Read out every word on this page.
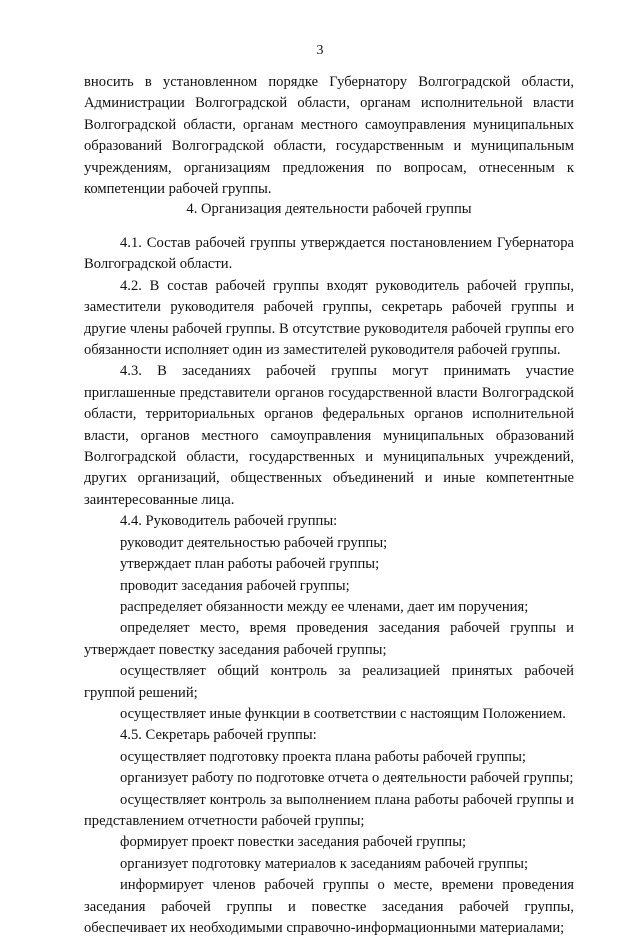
3
вносить в установленном порядке Губернатору Волгоградской области, Администрации Волгоградской области, органам исполнительной власти Волгоградской области, органам местного самоуправления муниципальных образований Волгоградской области, государственным и муниципальным учреждениям, организациям предложения по вопросам, отнесенным к компетенции рабочей группы.
4. Организация деятельности рабочей группы
4.1. Состав рабочей группы утверждается постановлением Губернатора Волгоградской области.
4.2. В состав рабочей группы входят руководитель рабочей группы, заместители руководителя рабочей группы, секретарь рабочей группы и другие члены рабочей группы. В отсутствие руководителя рабочей группы его обязанности исполняет один из заместителей руководителя рабочей группы.
4.3. В заседаниях рабочей группы могут принимать участие приглашенные представители органов государственной власти Волгоградской области, территориальных органов федеральных органов исполнительной власти, органов местного самоуправления муниципальных образований Волгоградской области, государственных и муниципальных учреждений, других организаций, общественных объединений и иные компетентные заинтересованные лица.
4.4. Руководитель рабочей группы:
руководит деятельностью рабочей группы;
утверждает план работы рабочей группы;
проводит заседания рабочей группы;
распределяет обязанности между ее членами, дает им поручения;
определяет место, время проведения заседания рабочей группы и утверждает повестку заседания рабочей группы;
осуществляет общий контроль за реализацией принятых рабочей группой решений;
осуществляет иные функции в соответствии с настоящим Положением.
4.5. Секретарь рабочей группы:
осуществляет подготовку проекта плана работы рабочей группы;
организует работу по подготовке отчета о деятельности рабочей группы;
осуществляет контроль за выполнением плана работы рабочей группы и представлением отчетности рабочей группы;
формирует проект повестки заседания рабочей группы;
организует подготовку материалов к заседаниям рабочей группы;
информирует членов рабочей группы о месте, времени проведения заседания рабочей группы и повестке заседания рабочей группы, обеспечивает их необходимыми справочно-информационными материалами;
